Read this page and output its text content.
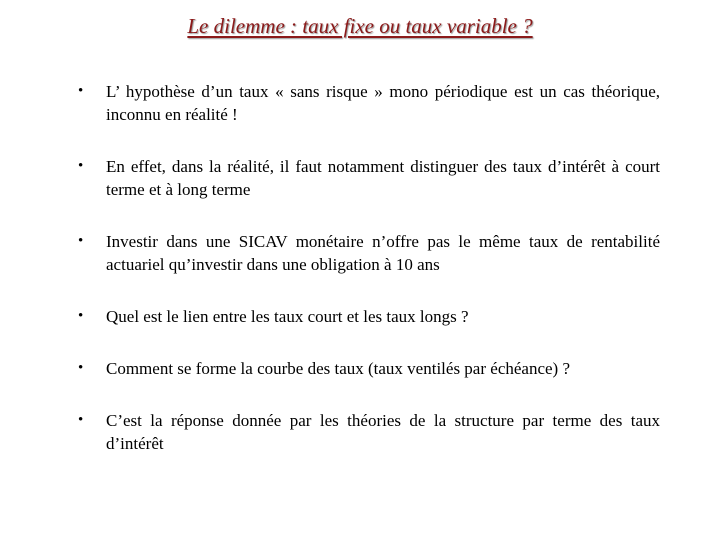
Le dilemme : taux fixe ou taux variable ?
• L’ hypothèse d’un taux « sans risque » mono périodique est un cas théorique, inconnu en réalité !
• En effet, dans la réalité, il faut notamment distinguer des taux d’intérêt à court terme et à long terme
• Investir dans une SICAV monétaire n’offre pas le même taux de rentabilité actuariel qu’investir dans une obligation à 10 ans
• Quel est le lien entre les taux court et les taux longs ?
• Comment se forme la courbe des taux (taux ventilés par échéance) ?
• C’est la réponse donnée par les théories de la structure par terme des taux d’intérêt
